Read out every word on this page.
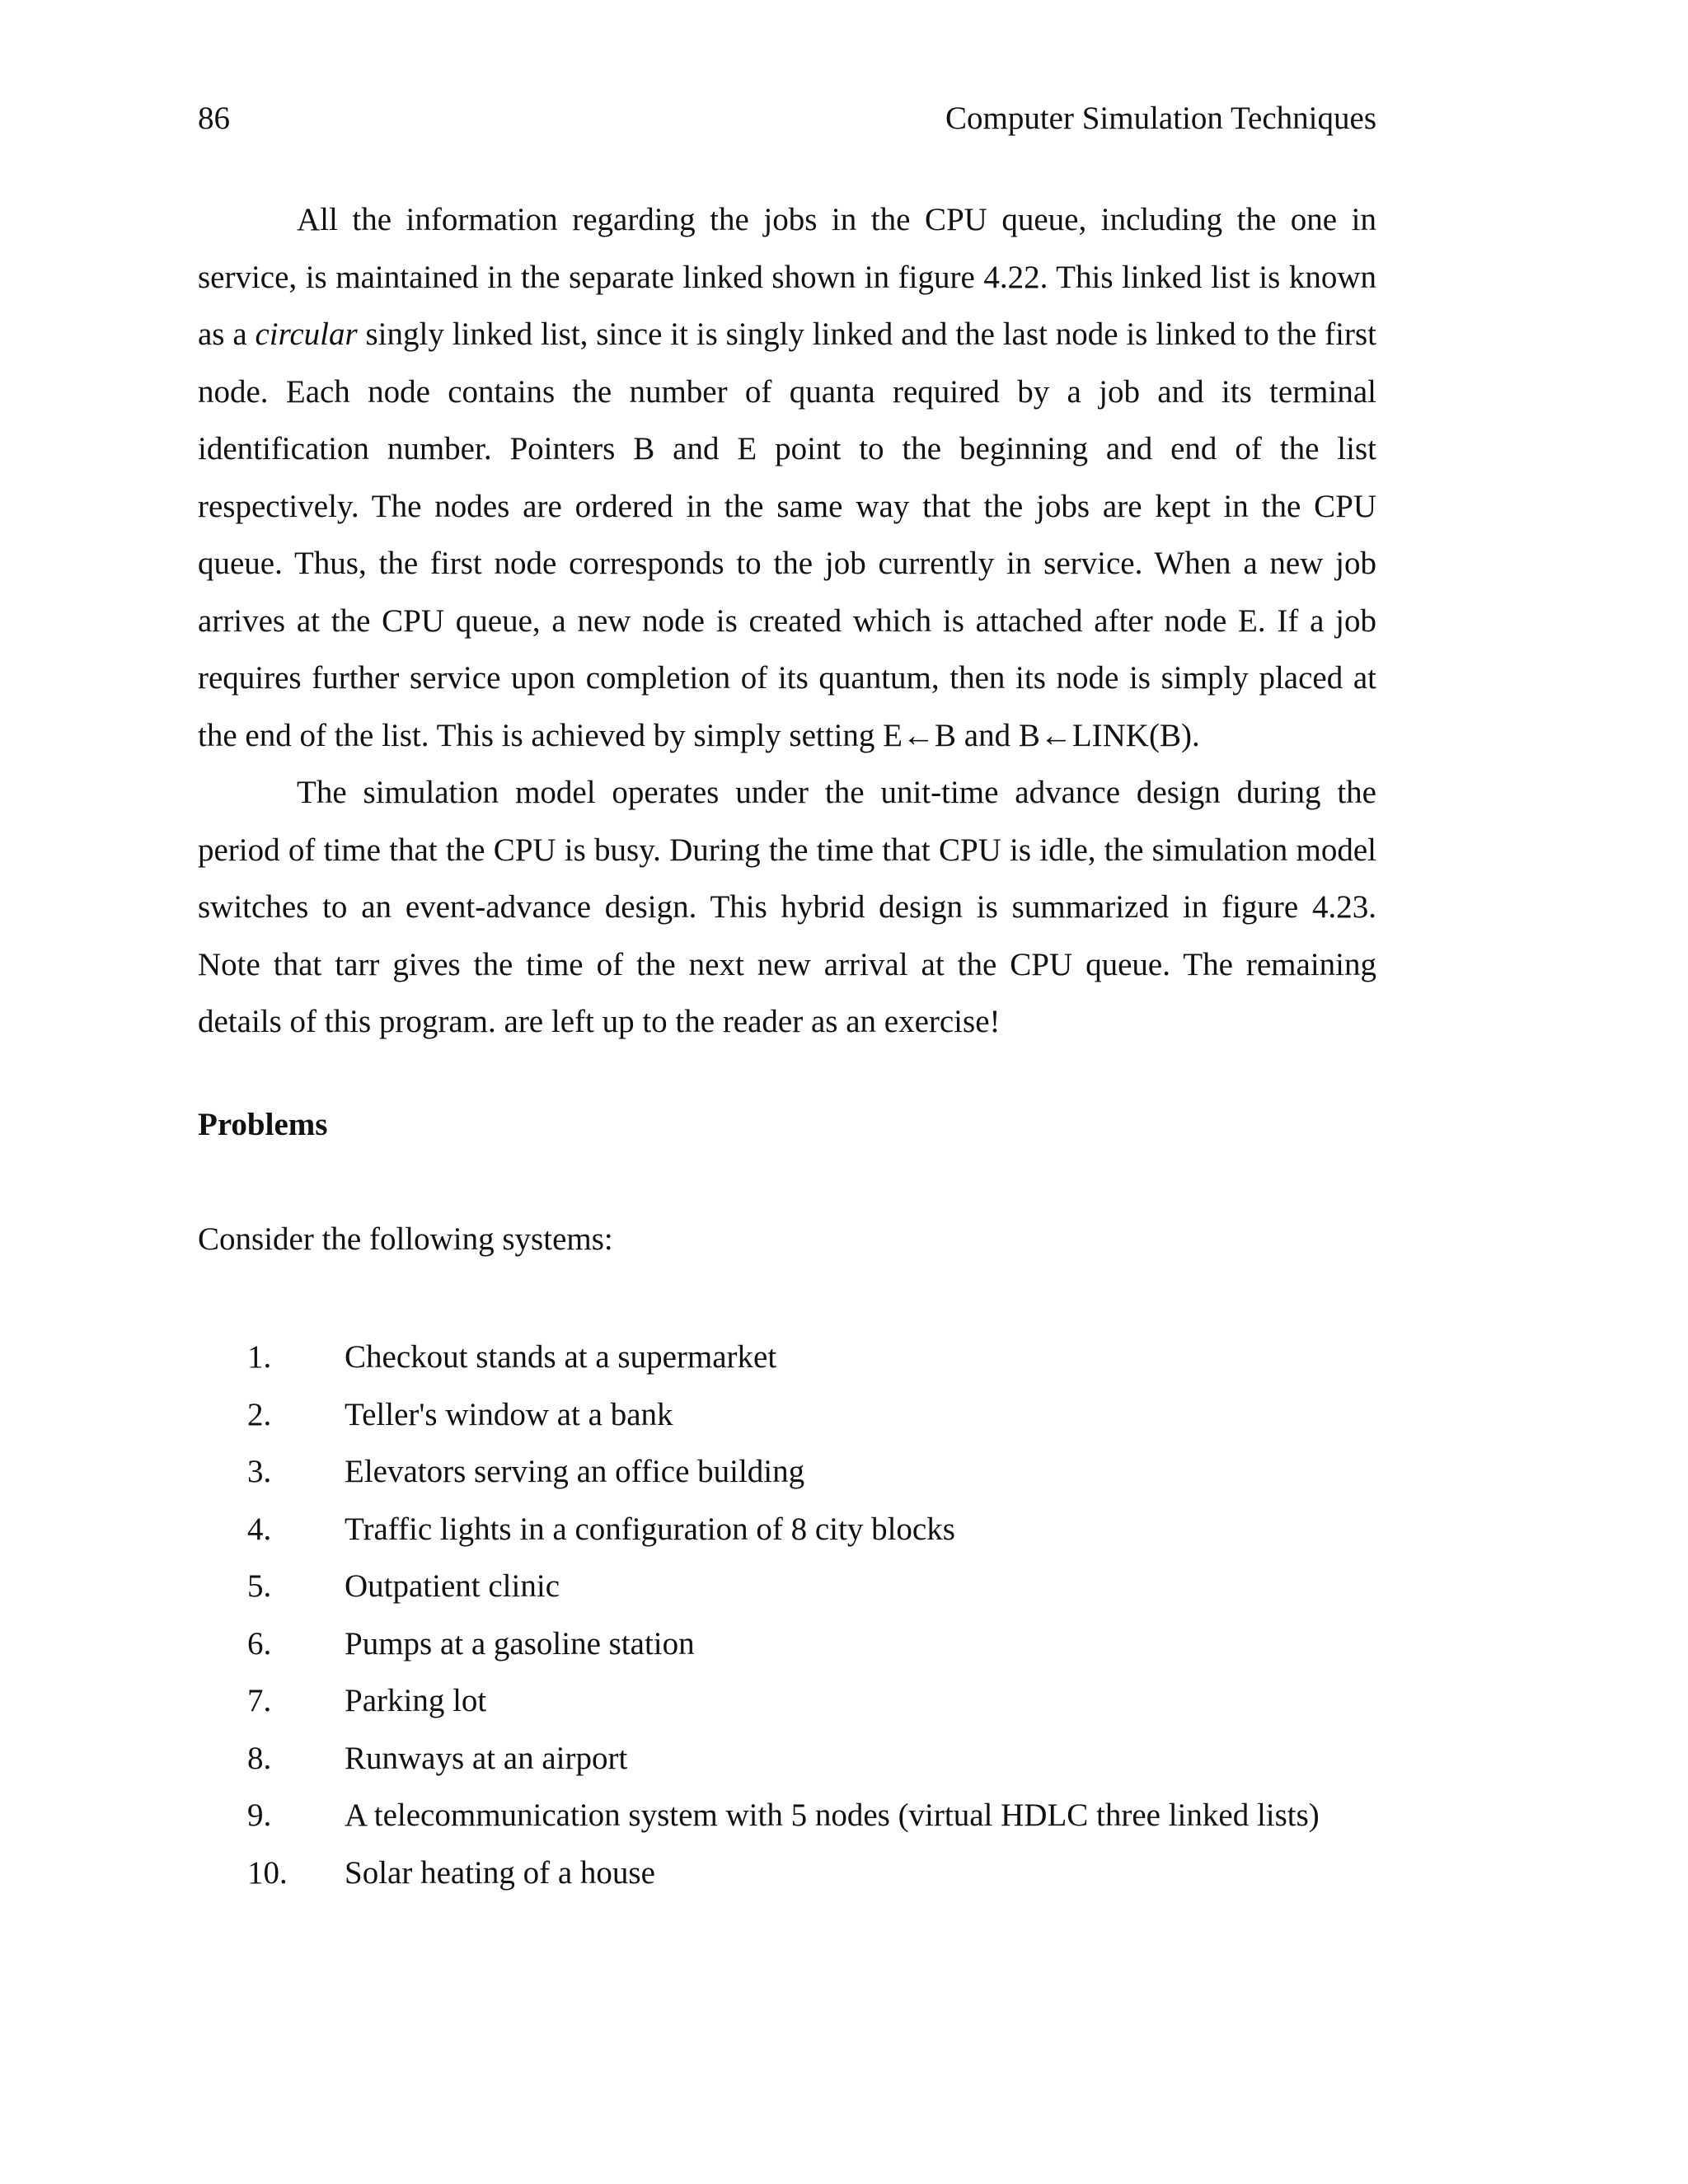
86	Computer Simulation Techniques

All the information regarding the jobs in the CPU queue, including the one in service, is maintained in the separate linked shown in figure 4.22. This linked list is known as a circular singly linked list, since it is singly linked and the last node is linked to the first node. Each node contains the number of quanta required by a job and its terminal identification number. Pointers B and E point to the beginning and end of the list respectively. The nodes are ordered in the same way that the jobs are kept in the CPU queue. Thus, the first node corresponds to the job currently in service. When a new job arrives at the CPU queue, a new node is created which is attached after node E. If a job requires further service upon completion of its quantum, then its node is simply placed at the end of the list. This is achieved by simply setting E←B and B←LINK(B).

The simulation model operates under the unit-time advance design during the period of time that the CPU is busy. During the time that CPU is idle, the simulation model switches to an event-advance design. This hybrid design is summarized in figure 4.23. Note that tarr gives the time of the next new arrival at the CPU queue. The remaining details of this program. are left up to the reader as an exercise!

Problems

Consider the following systems:

1. Checkout stands at a supermarket
2. Teller's window at a bank
3. Elevators serving an office building
4. Traffic lights in a configuration of 8 city blocks
5. Outpatient clinic
6. Pumps at a gasoline station
7. Parking lot
8. Runways at an airport
9. A telecommunication system with 5 nodes (virtual HDLC three linked lists)
10. Solar heating of a house
